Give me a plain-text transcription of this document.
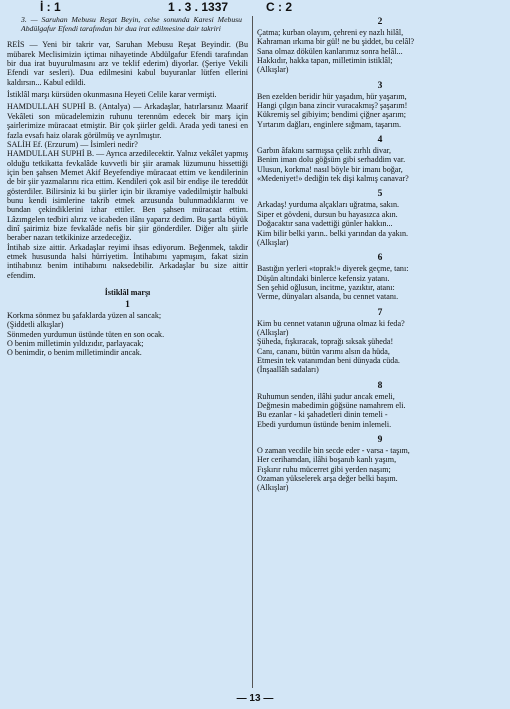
İ : 1	1 . 3 . 1337	C : 2

3. — Saruhan Mebusu Reşat Beyin, celse sonunda Karesi Mebusu Abdülgafur Efendi tarafından bir dua irat edilmesine dair takriri

REİS — Yeni bir takrir var, Saruhan Mebusu Reşat Beyindir. (Bu mübarek Meclisimizin içtimaı nihayetinde Abdülgafur Efendi tarafından bir dua irat buyurulmasını arz ve teklif ederim) diyorlar. (Şeriye Vekili Efendi var sesleri). Dua edilmesini kabul buyuranlar lütfen ellerini kaldırsın... Kabul edildi.

İstiklâl marşı kürsüden okunmasına Heyeti Celile karar vermişti.

HAMDULLAH SUPHİ B. (Antalya) — Arkadaşlar, hatırlarsınız Maarif Vekâleti son mücadelemizin ruhunu terennüm edecek bir marş için şairlerimize müracaat etmiştir. Bir çok şiirler geldi. Arada yedi tanesi en fazla evsafı haiz olarak görülmüş ve ayrılmıştır.

SALİH Ef. (Erzurum) — İsimleri nedir?

HAMDULLAH SUPHİ B. — Ayrıca arzedilecektir. Yalnız vekâlet yapmış olduğu tetkikatta fevkalâde kuvvetli bir şiir aramak lüzumunu hissettiği için ben şahsen Memet Akif Beyefendiye müracaat ettim ve kendilerinin de bir şiir yazmalarını rica ettim. Kendileri çok asil bir endişe ile tereddüt gösterdiler. Bilirsiniz ki bu şiirler için bir ikramiye vadedilmiştir halbuki bunu kendi isimlerine takrib etmek arzusunda bulunmadıklarını ve bundan çekindiklerini izhar ettiler. Ben şahsen müracaat ettim. Lâzımgelen tedbiri alırız ve icabeden ilânı yaparız dedim. Bu şartla büyük dinî şairimiz bize fevkalâde nefis bir şiir gönderdiler. Diğer altı şiirle beraber nazarı tetkikinize arzedeceğiz.

İntihab size aittir. Arkadaşlar reyimi ihsas ediyorum. Beğenmek, takdir etmek hususunda halsi hürriyetim. İntihabımı yapmışım, fakat sizin intihabınız benim intihabımı naksedebilir. Arkadaşlar bu size aittir efendim.

İstiklâl marşı
1

Korkma sönmez bu şafaklarda yüzen al sancak;

(Şiddetli alkışlar)

Sönmeden yurdumun üstünde tüten en son ocak.

O benim milletimin yıldızıdır, parlayacak;

O benimdir, o benim milletimindir ancak.

2

Çatma; kurban olayım, çehreni ey nazlı hilâl,

Kahraman ırkıma bir gül! ne bu şiddet, bu celâl?

Sana olmaz dökülen kanlarımız sonra helâl...

Hakkıdır, hakka tapan, milletimin istiklâl;

(Alkışlar)

3

Ben ezelden beridir hür yaşadım, hür yaşarım,

Hangi çılgın bana zincir vuracakmış? şaşarım!

Kükremiş sel gibiyim; bendimi çiğner aşarım;

Yırtarım dağları, enginlere sığmam, taşarım.

4

Garbın âfakını sarmışsa çelik zırhlı divar,

Benim iman dolu göğsüm gibi serhaddim var.

Ulusun, korkma! nasıl böyle bir imanı boğar,

«Medeniyet!» dediğin tek dişi kalmış canavar?

5

Arkadaş! yurduma alçakları uğratma, sakın.

Siper et gövdeni, dursun bu hayasızca akın.

Doğacaktır sana vadettiği günler hakkın...

Kim bilir belki yarın.. belki yarından da yakın.

(Alkışlar)

6

Bastığın yerleri «toprak!» diyerek geçme, tanı:

Düşün altındaki binlerce kefensiz yatanı.

Sen şehid oğlusun, incitme, yazıktır, atanı:

Verme, dünyaları alsanda, bu cennet vatanı.

7

Kim bu cennet vatanın uğruna olmaz ki feda?

(Alkışlar)

Şüheda, fışkıracak, toprağı sıksak şüheda!

Canı, cananı, bütün varımı alsın da hüda,

Etmesin tek vatanımdan beni dünyada cüda.

(İnşaallâh sadaları)

8

Ruhumun senden, ilâhi şudur ancak emeli,

Değmesin mabedimin göğsüne namahrem eli.

Bu ezanlar - ki şahadetleri dinin temeli -

Ebedi yurdumun üstünde benim inlemeli.

9

O zaman vecdile bin secde eder - varsa - taşım,

Her cerihamdan, ilâhi boşanıb kanlı yaşım,

Fışkırır ruhu mücerret gibi yerden naşım;

Ozaman yükselerek arşa değer belki başım.

(Alkışlar)

— 13 —
